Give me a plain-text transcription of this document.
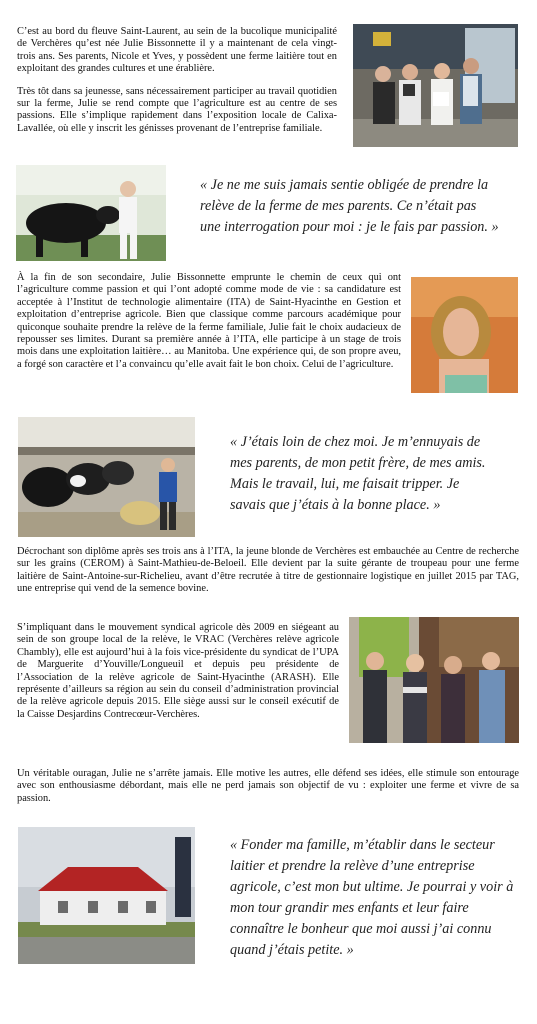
C’est au bord du fleuve Saint-Laurent, au sein de la bucolique municipalité de Verchères qu’est née Julie Bissonnette il y a maintenant de cela vingt-trois ans. Ses parents, Nicole et Yves, y possèdent une ferme laitière tout en exploitant des grandes cultures et une érablière.

Très tôt dans sa jeunesse, sans nécessairement participer au travail quotidien sur la ferme, Julie se rend compte que l’agriculture est au centre de ses passions. Elle s’implique rapidement dans l’exposition locale de Calixa-Lavallée, où elle y inscrit les génisses provenant de l’entreprise familiale.

« Je ne me suis jamais sentie obligée de prendre la relève de la ferme de mes parents. Ce n’était pas une interrogation pour moi : je le fais par passion. »

À la fin de son secondaire, Julie Bissonnette emprunte le chemin de ceux qui ont l’agriculture comme passion et qui l’ont adopté comme mode de vie : sa candidature est acceptée à l’Institut de technologie alimentaire (ITA) de Saint-Hyacinthe en Gestion et exploitation d’entreprise agricole. Bien que classique comme parcours académique pour quiconque souhaite prendre la relève de la ferme familiale, Julie fait le choix audacieux de repousser ses limites. Durant sa première année à l’ITA, elle participe à un stage de trois mois dans une exploitation laitière… au Manitoba. Une expérience qui, de son propre aveu, a forgé son caractère et l’a convaincu qu’elle avait fait le bon choix. Celui de l’agriculture.

« J’étais loin de chez moi. Je m’ennuyais de mes parents, de mon petit frère, de mes amis. Mais le travail, lui, me faisait tripper. Je savais que j’étais à la bonne place. »

Décrochant son diplôme après ses trois ans à l’ITA, la jeune blonde de Verchères est embauchée au Centre de recherche sur les grains (CEROM) à Saint-Mathieu-de-Beloeil. Elle devient par la suite gérante de troupeau pour une ferme laitière de Saint-Antoine-sur-Richelieu, avant d’être recrutée à titre de gestionnaire logistique en juillet 2015 par TAG, une entreprise qui vend de la semence bovine.

S’impliquant dans le mouvement syndical agricole dès 2009 en siégeant au sein de son groupe local de la relève, le VRAC (Verchères relève agricole Chambly), elle est aujourd’hui à la fois vice-présidente du syndicat de l’UPA de Marguerite d’Youville/Longueuil et depuis peu présidente de l’Association de la relève agricole de Saint-Hyacinthe (ARASH). Elle représente d’ailleurs sa région au sein du conseil d’administration provincial de la relève agricole depuis 2015. Elle siège aussi sur le conseil exécutif de la Caisse Desjardins Contrecœur-Verchères.

Un véritable ouragan, Julie ne s’arrête jamais. Elle motive les autres, elle défend ses idées, elle stimule son entourage avec son enthousiasme débordant, mais elle ne perd jamais son objectif de vu : exploiter une ferme et vivre de sa passion.

« Fonder ma famille, m’établir dans le secteur laitier et prendre la relève d’une entreprise agricole, c’est mon but ultime. Je pourrai y voir à mon tour grandir mes enfants et leur faire connaître le bonheur que moi aussi j’ai connu quand j’étais petite. »
